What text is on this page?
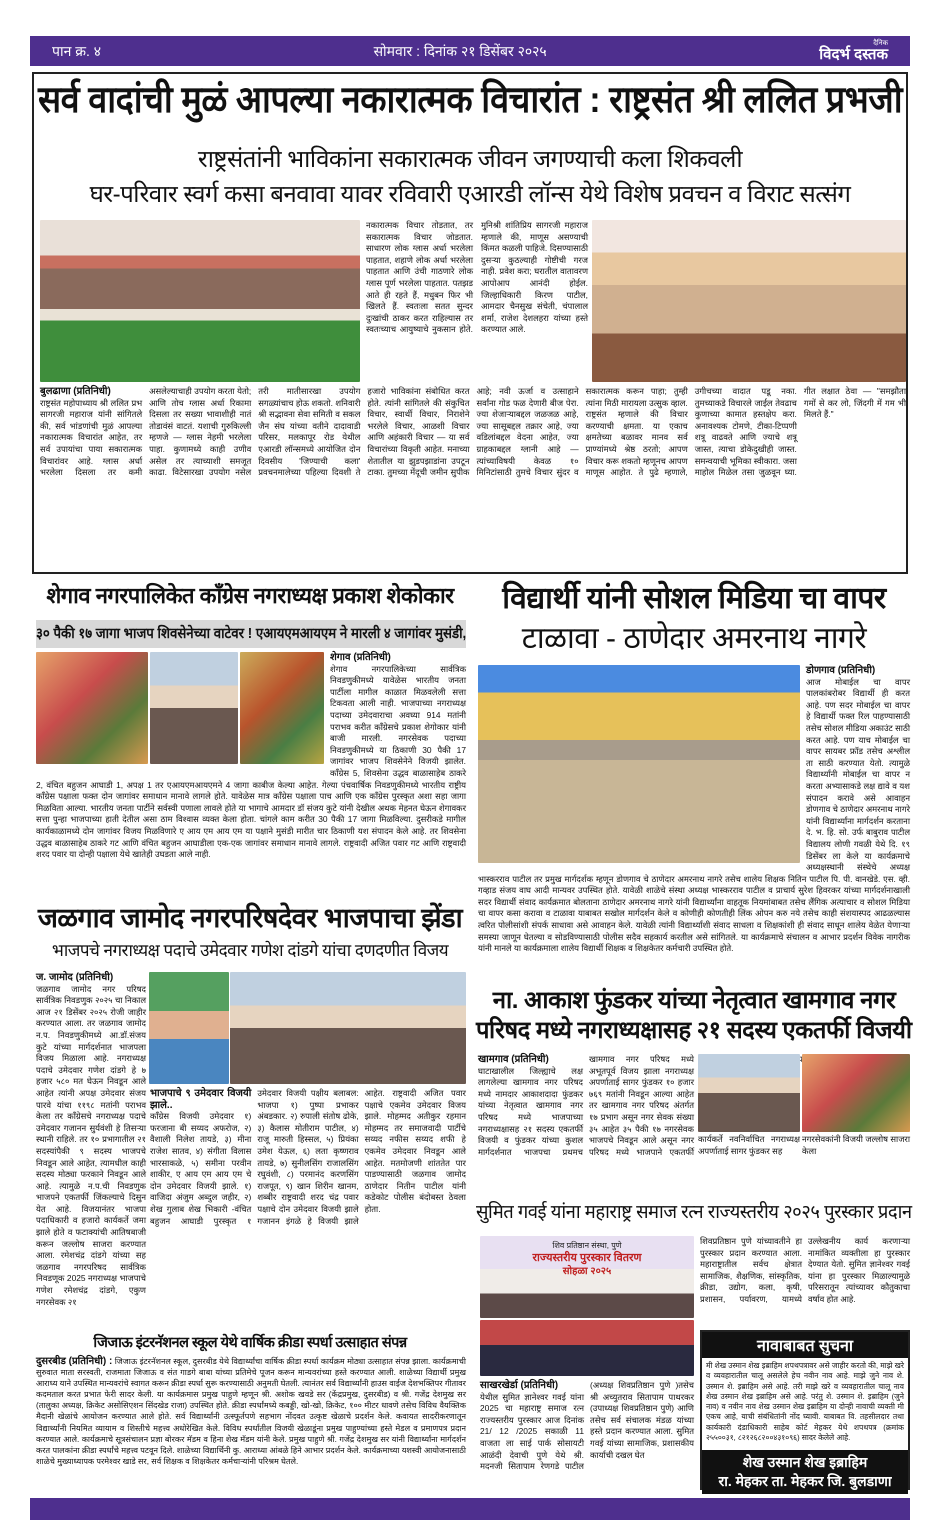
पान क्र. ४	सोमवार : दिनांक २१ डिसेंबर २०२५	दैनिक
विदर्भ दस्तक
सर्व वादांची मुळं आपल्या नकारात्मक विचारांत : राष्ट्रसंत श्री ललित प्रभजी
राष्ट्रसंतांनी भाविकांना सकारात्मक जीवन जगण्याची कला शिकवली
घर-परिवार स्वर्ग कसा बनवावा यावर रविवारी एआरडी लॉन्स येथे विशेष प्रवचन व विराट सत्संग
नकारात्मक विचार तोडतात, तर सकारात्मक विचार जोडतात. साधारण लोक ग्लास अर्धा भरलेला पाहतात, शहाणे लोक अर्धा भरलेला पाहतात आणि उंची गाठणारे लोक ग्लास पूर्ण भरलेला पाहतात. पतझड आते ही रहते हैं, मधुबन फिर भी खिलते हैं. स्वतःला सतत सुन्दर दुःखांची ठाकर करत राहिल्यास तर स्वतःच्याच आयुष्याचे नुकसान होते. मुनिश्री शांतिप्रिय सागरजी महाराज म्हणाले की, माणूस असण्याची किंमत कळली पाहिजे. दिसण्यासाठी दुसऱ्या कुठल्याही गोष्टीची गरज नाही. प्रवेश करा; घरातील वातावरण आपोआप आनंदी होईल. जिल्हाधिकारी किरण पाटील, आमदार चैनसुख संचेती, चंपालाल शर्मा, राजेश देशलहरा यांच्या हस्ते करण्यात आले.
बुलढाणा (प्रतिनिधी)
राष्ट्रसंत महोपाध्याय श्री ललित प्रभ सागरजी महाराज यांनी सांगितले की, सर्व भांडणांची मुळं आपल्या नकारात्मक विचारांत आहेत, तर सर्व उपायांचा पाया सकारात्मक विचारांवर आहे. ग्लास अर्धा भरलेला दिसला तर कमी असलेल्याचाही उपयोग करता येतो; आणि तोच ग्लास अर्धा रिकामा दिसला तर सख्या भावाशीही नातं तोडावंसं वाटतं. यशाची गुरुकिल्ली म्हणजे — ग्लास नेहमी भरलेला पाहा. कुणामध्ये काही उणीव असेल तर त्याच्याशी समजूत काढा. विटेसारखा उपयोग नसेल तरी मातीसारखा उपयोग सगळ्यांचाच होऊ शकतो. शनिवारी श्री सद्भावना सेवा समिती व सकल जैन संघ यांच्या वतीने दादावाडी परिसर, मलकापूर रोड येथील एआरडी लॉन्समध्ये आयोजित दोन दिवसीय 'जिण्याची कला' प्रवचनमालेच्या पहिल्या दिवशी ते हजारो भाविकांना संबोधित करत होते. त्यांनी सांगितले की संकुचित विचार, स्वार्थी विचार, निराशेने भरलेले विचार, आळशी विचार आणि अहंकारी विचार — या सर्व विचारांच्या विकृती आहेत. मनाच्या शेतातील या झुडपझाडांना उपटून टाका. तुमच्या मेंदूची जमीन सुपीक आहे; नवी ऊर्जा व उत्साहाने सर्वांना गोड फळ देणारी बीज पेरा. ज्या शेजाऱ्याबद्दल जळजळ आहे, ज्या सासूबद्दल तक्रार आहे, ज्या वडिलांबद्दल वेदना आहेत, ज्या ग्राहकाबद्दल ग्लानी आहे — त्यांच्याविषयी केवळ १० मिनिटांसाठी तुमचे विचार सुंदर व सकारात्मक करून पाहा; तुम्ही त्यांना मिठी मारायला उत्सुक व्हाल. राष्ट्रसंत म्हणाले की विचार करण्याची क्षमता. या एकाच क्षमतेच्या बळावर मानव सर्व प्राण्यांमध्ये श्रेष्ठ ठरतो; आपण विचार करू शकतो म्हणूनच आपण माणूस आहोत. ते पुढे म्हणाले, उगीचच्या वादात पडू नका. तुमच्याकडे विचारले जाईल तेवढाच कुणाच्या कामात हस्तक्षेप करा. अनावश्यक टोमणे, टीका-टिप्पणी शत्रू वाढवते आणि ज्याचे शत्रू जास्त, त्याचा डोकेदुखीही जास्त. समन्वयाची भूमिका स्वीकारा. जसा माहोल मिळेल तसा जुळवून घ्या. गीत लक्षात ठेवा — "समझौता गमों से कर लो, जिंदगी में गम भी मिलते हैं."
शेगाव नगरपालिकेत काँग्रेस नगराध्यक्ष प्रकाश शेकोकार
३० पैकी १७ जागा भाजप शिवसेनेच्या वाटेवर ! एआयएमआयएम ने मारली ४ जागांवर मुसंडी,
शेगाव (प्रतिनिधी)
शेगाव नगरपालिकेच्या सार्वत्रिक निवडणुकीमध्ये यावेळेस भारतीय जनता पार्टीला मागील काळात मिळवलेली सत्ता टिकवता आली नाही. भाजपाच्या नगराध्यक्ष पदाच्या उमेदवाराचा अवघ्या 914 मतांनी पराभव करीत काँग्रेसचे प्रकाश शेगोकार यांनी बाजी मारली. नगरसेवक पदाच्या निवडणुकीमध्ये या ठिकाणी 30 पैकी 17 जागांवर भाजप शिवसेनेने विजयी झालेत. काँग्रेस 5, शिवसेना उद्धव बाळासाहेब ठाकरे 2, वंचित बहुजन आघाडी 1, अपक्ष 1 तर एआयएमआयएमने 4 जागा काबीज केल्या आहेत. गेल्या पंचवार्षिक निवडणुकीमध्ये भारतीय राष्ट्रीय काँग्रेस पक्षाला फक्त दोन जागांवर समाधान मानावे लागले होते. यावेळेस मात्र काँग्रेस पक्षाला पाच आणि एक काँग्रेस पुरस्कृत अशा सहा जागा मिळविता आल्या. भारतीय जनता पार्टीने सर्वस्वी पणाला लावले होते या भागाचे आमदार डॉ संजय कुटे यांनी देखील अथक मेहनत घेऊन शेगावकर सत्ता पुन्हा भाजपाच्या हाती देतील असा ठाम विश्वास व्यक्त केला होता. चांगले काम करीत 30 पैकी 17 जागा मिळविल्या. दुसरीकडे मागील कार्यकाळामध्ये दोन जागांवर विजय मिळविणारे ए आय एम आय एम या पक्षाने मुसंडी मारीत चार ठिकाणी यश संपादन केले आहे. तर शिवसेना उद्धव बाळासाहेब ठाकरे गट आणि वंचित बहुजन आघाडीला एक-एक जागांवर समाधान मानावे लागले. राष्ट्रवादी अजित पवार गट आणि राष्ट्रवादी शरद पवार या दोन्ही पक्षाला येथे खातेही उघडता आले नाही.
विद्यार्थी यांनी सोशल मिडिया चा वापर
टाळावा - ठाणेदार अमरनाथ नागरे
डोणगाव (प्रतिनिधी)
आज मोबाईल चा वापर पालकांबरोबर विद्यार्थी ही करत आहे. पण सदर मोबाईल चा वापर हे विद्यार्थी फक्त रिल पाहण्यासाठी तसेच सोशल मीडिया अकाउंट साठी करत आहे. पण याच मोबाईल चा वापर सायबर फ्रॉड तसेच अश्लील ता साठी करण्यात येतो. त्यामुळे विद्यार्थ्यांनी मोबाईल चा वापर न करता अभ्यासाकडे लक्ष द्यावे व यश संपादन करावे असे आवाहन डोणगाव चे ठाणेदार अमरनाथ नागरे यांनी विद्यार्थ्यांना मार्गदर्शन करताना दे. भ. हि. सो. उर्फ बाबुराव पाटील विद्यालय लोणी गवळी येथे दि. १९ डिसेंबर ला केले या कार्यक्रमाचे अध्यक्षस्थानी संस्थेचे अध्यक्ष भास्करराव पाटील तर प्रमुख मार्गदर्शक म्हणून डोणगाव चे ठाणेदार अमरनाथ नागरे तसेच शालेय शिक्षक नितिन पाटील पि. पी. वानखेडे. एस. व्ही. गव्हाड संजय वाघ आदी मान्यवर उपस्थित होते. यावेळी शाळेचे संस्था अध्यक्ष भास्करराव पाटील व प्राचार्य सुरेश हिवरकर यांच्या मार्गदर्शनाखाली सदर विद्यार्थी संवाद कार्यक्रमात बोलताना ठाणेदार अमरनाथ नागरे यांनी विद्यार्थ्यांना वाहतूक नियमांबाबत तसेच लैंगिक अत्याचार व सोशल मिडिया चा वापर कसा करावा व टाळावा याबाबत सखोल मार्गदर्शन केले व कोणीही कोणतीही लिंक ओपन करु नये तसेच काही संशयास्पद आढळल्यास त्वरित पोलीसांशी संपर्क साधावा असे आवाहन केले. यावेळी त्यांनी विद्यार्थ्यांशी संवाद साधला व शिक्षकांशी ही संवाद साधून शालेय वेळेत येणाऱ्या समस्या जाणून घेतल्या व सोडविण्यासाठी पोलीस सदैव सहकार्य करतील असे सांगितले. या कार्यक्रमाचे संचालन व आभार प्रदर्शन विवेक नागरीक यांनी मानले या कार्यक्रमाला शालेय विद्यार्थी शिक्षक व शिक्षकेतर कर्मचारी उपस्थित होते.
जळगाव जामोद नगरपरिषदेवर भाजपाचा झेंडा
भाजपचे नगराध्यक्ष पदाचे उमेदवार गणेश दांडगे यांचा दणदणीत विजय
ज. जामोद (प्रतिनिधी)
जळगाव जामोद नगर परिषद सार्वत्रिक निवडणुक २०२५ चा निकाल आज २१ डिसेंबर २०२५ रोजी जाहीर करण्यात आला. तर जळगाव जामोद न.प. निवडणुकीमध्ये आ.डॉ.संजय कुटे यांच्या मार्गदर्शनात भाजपला विजय मिळाला आहे. नगराध्यक्ष पदाचे उमेदवार गणेश दांडगे हे ७ हजार ५८० मत घेऊन निवडून आले आहेत त्यांनी अपक्ष उमेदवार संजय पारवे यांचा ११९८ मतांनी पराभव केला तर कॉंग्रेसचे नगराध्यक्ष पदाचे उमेदवार गजानन सुर्यवंशी हे तिसऱ्या स्थानी राहिले. तर १० प्रभागातील २१ सदस्यांपैकी ९ सदस्य भाजपचे निवडून आले आहेत, त्यामधील काही सदस्य मोठ्या फरकाने निवडून आले आहे. त्यामुळे न.प.ची निवडणुक भाजपने एकतर्फी जिंकल्याचे दिसुन येत आहे. विजयानंतर भाजपा पदाधिकारी व हजारो कार्यकर्ते जमा झाले होते व फटाक्यांची आतिषबाजी करून जल्लोष साजरा करण्यात आला. रमेशचंद्र दांडगे यांच्या सह जळगाव नगरपरिषद सार्वत्रिक निवडणूक 2025 नगराध्यक्ष भाजपाचे गणेश रमेशचंद्र दांडगे, एकुण नगरसेवक २१
भाजपाचे ९ उमेदवार विजयी झाले..
कॉंग्रेस विजयी उमेदवार १) फरजाना बी सय्यद अफरोज, २) वैशाली निलेश तायडे, ३) मीना राजेश सातव, ४) संगीता विलास भारसाकळे, ५) समीना परवीन शाकीर, ए आय एम आय एम चे दोन उमेदवार विजयी झाले. १) वाजिदा अंजुम अब्दुल जहीर, २) शेख गुलाब शेख भिकारी -वंचित बहुजन आघाडी पुरस्कृत १ उमेदवार विजयी पक्षीय बलाबल: भाजपा १) पुष्पा प्रभाकर अंबडकार. २) रुपाली संतोष ढोके, ३) कैलास मोतीराम पाटील, ४) राजू मारुती हिस्सल, ५) प्रियंका उमेश येऊल, ६) लता कृष्णराव तायडे, ७) सुनीलसिंग राजालसिंग रघुवंशी, ८) परमानंद करणसिंग राजपूत, ९) खान शिरीन खानम, शब्बीर राष्ट्रवादी शरद चंद्र पवार पक्षाचे दोन उमेदवार विजयी झाले गजानन इंगळे हे विजयी झाले आहेत. राष्ट्रवादी अजित पवार पक्षाचे एकमेव उमेदवार विजय झाले. मोहम्मद अतीकुर रहमान मोहम्मद तर समाजवादी पार्टीचे सय्यद नफीस सय्यद शफी हे एकमेव उमेदवार निवडून आले आहेत. मतमोजणी शांततेत पार पाडण्यासाठी जळगाव जामोद ठाणेदार नितीन पाटील यांनी कडेकोट पोलीस बंदोबस्त ठेवला होता.
ना. आकाश फुंडकर यांच्या नेतृत्वात खामगाव नगर
परिषद मध्ये नगराध्यक्षासह २१ सदस्य एकतर्फी विजयी
खामगाव (प्रतिनिधी)
घाटाखालील जिल्ह्याचे लक्ष लागलेल्या खामगाव नगर परिषद मध्ये नामदार आकाशदादा फुंडकर यांच्या नेतृत्वात खामगाव नगर परिषद मध्ये भाजपाच्या नगराध्यक्षासह २१ सदस्य एकतर्फी विजयी व फुंडकर यांच्या कुशल मार्गदर्शनात भाजपचा प्रथमच खामगाव नगर परिषद मध्ये अभूतपूर्व विजय झाला नगराध्यक्ष अपर्णाताई सागर फुंडकर १० हजार ७६९ मतांनी निवडून आल्या आहेत तर खामगाव नगर परिषद अंतर्गत १७ प्रभाग असून नगर सेवक संख्या ३५ आहेत ३५ पैकी १७ नगरसेवक भाजपचे निवडून आले असून नगर परिषद मध्ये भाजपाने एकतर्फी
कार्यकर्ते नवनिर्वाचित नगराध्यक्ष अपर्णाताई सागर फुंडकर सह
नगरसेवकांनी विजयी जल्लोष साजरा केला
सुमित गवई यांना महाराष्ट्र समाज रत्न राज्यस्तरीय २०२५ पुरस्कार प्रदान
शिव प्रतिष्ठान संस्था, पुणे
राज्यस्तरीय पुरस्कार वितरण
सोहळा २०२५
शिवप्रतिष्ठान पुणे यांच्यावतीने हा पुरस्कार प्रदान करण्यात आला. महाराष्ट्रातील सर्वच क्षेत्रात सामाजिक, शैक्षणिक, सांस्कृतिक, क्रीडा, उद्योग, कला, कृषी, प्रशासन, पर्यावरण, यामध्ये उल्लेखनीय कार्य करणाऱ्या नामांकित व्यक्तीला हा पुरस्कार देण्यात येतो. सुमित ज्ञानेश्वर गवई यांना हा पुरस्कार मिळाल्यामुळे परिसरातून त्यांच्यावर कौतुकाचा वर्षाव होत आहे.
साखरखेर्डा (प्रतिनिधी)
येथील सुमित ज्ञानेश्वर गवई यांना 2025 चा महाराष्ट्र समाज रत्न राज्यस्तरीय पुरस्कार आज दिनांक 21/ 12 /2025 सकाळी 11 वाजता ला साई पार्क सोसायटी आळंदी देवाची पुणे येथे श्री. मदनजी सितापाम रेणगडे पाटील (अध्यक्ष शिवप्रतिष्ठान पुणे )तसेच श्री अच्युतराव सितापाम पाथरकर (उपाध्यक्ष शिवप्रतिष्ठान पुणे) आणि तसेच सर्व संचालक मंडळ यांच्या हस्ते प्रदान करण्यात आला. सुमित गवई यांच्या सामाजिक, प्रशासकीय कार्याची दखल घेत
नावाबाबत सुचना
मी शेख उस्मान शेख इब्राहिम शपथपत्रावर असे जाहीर करतो की, माझे खरे व व्यवहारातील चालू असलेले हेच नवीन नाव आहे. माझे जुने नाव शे. उस्मान शे. इब्राहिम असे आहे. तरी माझे खरे व व्यवहारातील चालू नाव शेख उस्मान शेख इब्राहिम असे आहे. परंतु शे. उस्मान शे. इब्राहिम (जुने नाव) व नवीन नाव शेख उस्मान शेख इब्राहिम या दोन्ही नावाची व्यक्ती मी एकच आहे, याची संबंधितांनी नोंद घ्यावी. याबाबत वि. तहसीलदार तथा कार्यकारी दंडाधिकारी साहेब कोर्ट मेहकर येथे शपथपत्र (क्रमांक २५५००३१, ८२१२६८२००४३१०९६) सादर केलेले आहे.
शेख उस्मान शेख इब्राहिम
रा. मेहकर ता. मेहकर जि. बुलडाणा
जिजाऊ इंटरनॅशनल स्कूल येथे वार्षिक क्रीडा स्पर्धा उत्साहात संपन्न
दुसरबीड (प्रतिनिधी) : जिजाऊ इंटरनॅशनल स्कूल, दुसरबीड येथे विद्यार्थ्यांचा वार्षिक क्रीडा स्पर्धा कार्यक्रम मोठ्या उत्साहात संपन्न झाला. कार्यक्रमाची सुरुवात माता सरस्वती, राजमाता जिजाऊ व संत गाडगे बाबा यांच्या प्रतिमेचे पूजन करून मान्यवरांच्या हस्ते करण्यात आली. शाळेच्या विद्यार्थी प्रमुख आराध्य याने उपस्थित मान्यवरांचे स्वागत करून क्रीडा स्पर्धा सुरू करण्यासाठी अनुमती घेतली. त्यानंतर सर्व विद्यार्थ्यांनी हाउस वाईज देशभक्तिपर गीतावर कदमताल करत प्रभात फेरी सादर केली. या कार्यक्रमास प्रमुख पाहुणे म्हणून श्री. अशोक खवडे सर (केंद्रप्रमुख, दुसरबीड) व श्री. गजेंद्र देशमुख सर (तालुका अध्यक्ष, क्रिकेट असोसिएशन सिंदखेड राजा) उपस्थित होते. क्रीडा स्पर्धांमध्ये कबड्डी, खो-खो, क्रिकेट, १०० मीटर धावणे तसेच विविध वैयक्तिक मैदानी खेळांचे आयोजन करण्यात आले होते. सर्व विद्यार्थ्यांनी उत्स्फूर्तपणे सहभाग नोंदवत उत्कृष्ट खेळाचे प्रदर्शन केले. कवायत सादरीकरणातून विद्यार्थ्यांनी नियमित व्यायाम व शिस्तीचे महत्त्व अधोरेखित केले. विविध स्पर्धांतील विजयी खेळाडूंना प्रमुख पाहुण्यांच्या हस्ते मेडल व प्रमाणपत्र प्रदान करण्यात आले. कार्यक्रमाचे सूत्रसंचालन प्रज्ञा बोरकर मॅडम व हिना शेख मॅडम यांनी केले. प्रमुख पाहुणे श्री. गजेंद्र देशमुख सर यांनी विद्यार्थ्यांना मार्गदर्शन करत पालकांना क्रीडा स्पर्धांचे महत्त्व पटवून दिले. शाळेच्या विद्यार्थिनी कु. आराध्या आंबळे हिने आभार प्रदर्शन केले. कार्यक्रमाच्या यशस्वी आयोजनासाठी शाळेचे मुख्याध्यापक परमेश्वर खाडे सर, सर्व शिक्षक व शिक्षकेतर कर्मचाऱ्यांनी परिश्रम घेतले.
